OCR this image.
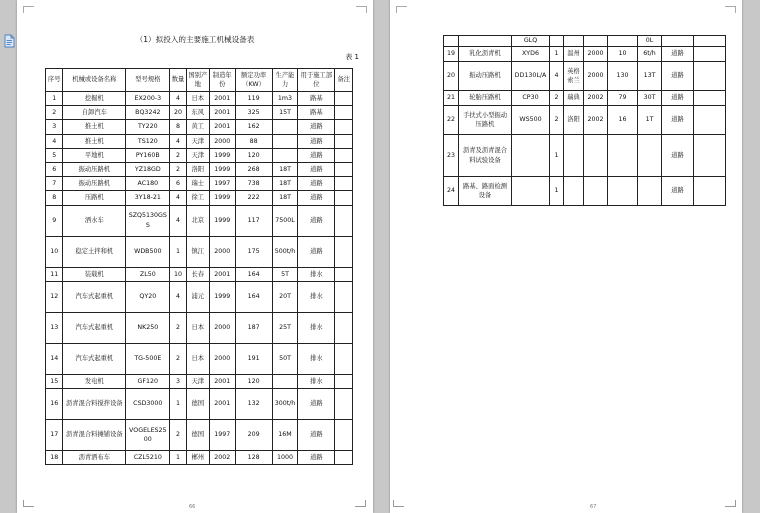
（1）拟投入的主要施工机械设备表
表 1
序号	机械或设备名称	型号规格	数量	国别产地	制造年份	额定功率（KW）	生产能力	用于施工部位	备注
1	挖掘机	EX200-3	4	日本	2001	119	1m3	路基	
2	自卸汽车	BQ3242	20	东风	2001	325	15T	路基	
3	推土机	TY220	8	黄工	2001	162		道路	
4	推土机	TS120	4	天津	2000	88		道路	
5	平地机	PY160B	2	天津	1999	120		道路	
6	振动压路机	YZ18GD	2	洛阳	1999	268	18T	道路	
7	振动压路机	AC180	6	瑞士	1997	738	18T	道路	
8	压路机	3Y18-21	4	徐工	1999	222	18T	道路	
9	洒水车	SZQ5130GSS	4	北京	1999	117	7500L	道路	
10	稳定土拌和机	WDB500	1	镇江	2000	175	500t/h	道路	
11	装载机	ZL50	10	长春	2001	164	5T	排水	
12	汽车式起重机	QY20	4	浦元	1999	164	20T	排水	
13	汽车式起重机	NK250	2	日本	2000	187	25T	排水	
14	汽车式起重机	TG-500E	2	日本	2000	191	50T	排水	
15	发电机	GF120	3	天津	2001	120		排水	
16	沥青混合料搅拌设备	CSD3000	1	德国	2001	132	300t/h	道路	
17	沥青混合料摊铺设备	VOGELES2500	2	德国	1997	209	16M	道路	
18	沥青洒布车	CZL5210	1	郴州	2002	128	1000	道路	
66
		GLQ					0L		
19	乳化沥青机	XYD6	1	温州	2000	10	6t/h	道路	
20	振动压路机	DD130L/A	4	英格索兰	2000	130	13T	道路	
21	轮胎压路机	CP30	2	瑞典	2002	79	30T	道路	
22	手扶式小型振动压路机	WS500	2	洛阳	2002	16	1T	道路	
23	沥青及沥青混合料试验设备		1					道路	
24	路基、路面检测设备		1					道路	
67
